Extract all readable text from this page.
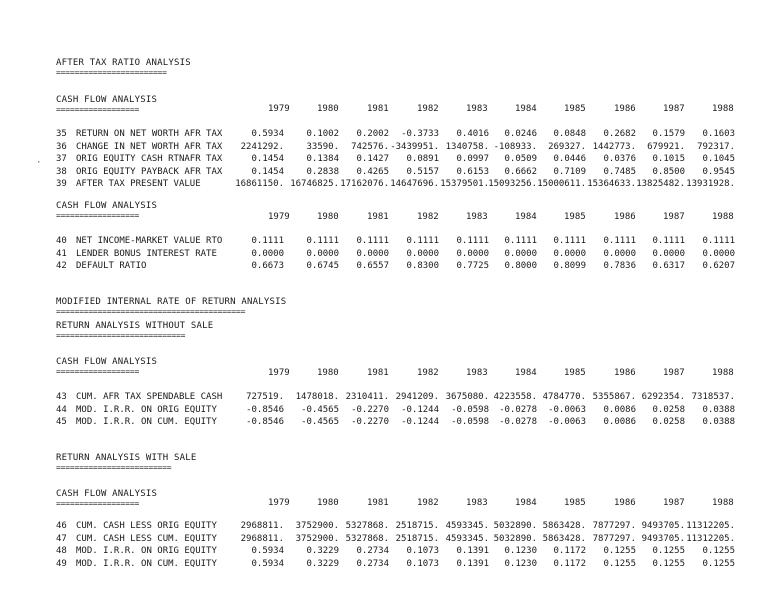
AFTER TAX RATIO ANALYSIS
========================
CASH FLOW ANALYSIS
==================
CASH FLOW ANALYSIS
==================
MODIFIED INTERNAL RATE OF RETURN ANALYSIS
=========================================
RETURN ANALYSIS WITHOUT SALE
============================
CASH FLOW ANALYSIS
==================
RETURN ANALYSIS WITH SALE
=========================
CASH FLOW ANALYSIS
==================
·
1979	1980	1981	1982	1983	1984	1985	1986	1987	1988
1979	1980	1981	1982	1983	1984	1985	1986	1987	1988
1979	1980	1981	1982	1983	1984	1985	1986	1987	1988
1979	1980	1981	1982	1983	1984	1985	1986	1987	1988
35 RETURN ON NET WORTH AFR TAX	0.5934 0.1002 0.2002 -0.3733 0.4016 0.0246 0.0848 0.2682 0.1579 0.1603
36 CHANGE IN NET WORTH AFR TAX 2241292. 33590. 742576. -3439951. 1340758. -108933. 269327. 1442773. 679921. 792317.
37 ORIG EQUITY CASH RTNAFR TAX	0.1454 0.1384 0.1427 0.0891 0.0997 0.0509 0.0446 0.0376 0.1015 0.1045
38 ORIG EQUITY PAYBACK AFR TAX	0.1454 0.2838 0.4265 0.5157 0.6153 0.6662 0.7109 0.7485 0.8500 0.9545
39 AFTER TAX PRESENT VALUE	16861150. 16746825. 17162076. 14647696. 15379501. 15093256. 15000611. 15364633. 13825482. 13931928.
40 NET INCOME-MARKET VALUE RTO	0.1111 0.1111 0.1111 0.1111 0.1111 0.1111 0.1111 0.1111 0.1111 0.1111
41 LENDER BONUS INTEREST RATE	0.0000 0.0000 0.0000 0.0000 0.0000 0.0000 0.0000 0.0000 0.0000 0.0000
42 DEFAULT RATIO	0.6673 0.6745 0.6557 0.8300 0.7725 0.8000 0.8099 0.7836 0.6317 0.6207
43 CUM. AFR TAX SPENDABLE CASH	727519. 1478018. 2310411. 2941209. 3675080. 4223558. 4784770. 5355867. 6292354. 7318537.
44 MOD. I.R.R. ON ORIG EQUITY	-0.8546 -0.4565 -0.2270 -0.1244 -0.0598 -0.0278 -0.0063 0.0086 0.0258 0.0388
45 MOD. I.R.R. ON CUM. EQUITY	-0.8546 -0.4565 -0.2270 -0.1244 -0.0598 -0.0278 -0.0063 0.0086 0.0258 0.0388
46 CUM. CASH LESS ORIG EQUITY	2968811. 3752900. 5327868. 2518715. 4593345. 5032890. 5863428. 7877297. 9493705. 11312205.
47 CUM. CASH LESS CUM. EQUITY	2968811. 3752900. 5327868. 2518715. 4593345. 5032890. 5863428. 7877297. 9493705. 11312205.
48 MOD. I.R.R. ON ORIG EQUITY	0.5934 0.3229 0.2734 0.1073 0.1391 0.1230 0.1172 0.1255 0.1255 0.1255
49 MOD. I.R.R. ON CUM. EQUITY	0.5934 0.3229 0.2734 0.1073 0.1391 0.1230 0.1172 0.1255 0.1255 0.1255
